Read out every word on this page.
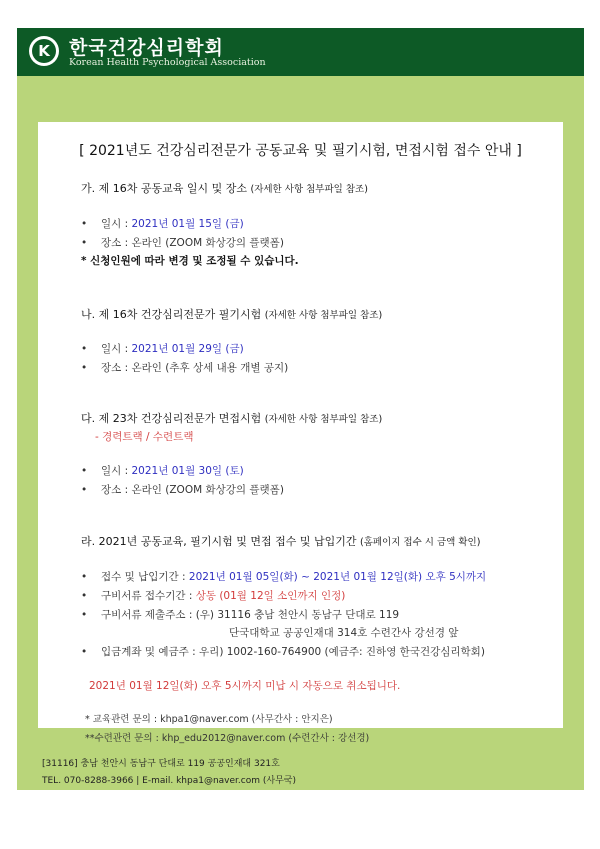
K	한국건강심리학회
Korean Health Psychological Association
[ 2021년도 건강심리전문가 공동교육 및 필기시험, 면접시험 접수 안내 ]
가. 제 16차 공동교육 일시 및 장소 (자세한 사항 첨부파일 참조)
• 일시 : 2021년 01월 15일 (금)
• 장소 : 온라인 (ZOOM 화상강의 플랫폼)
* 신청인원에 따라 변경 및 조정될 수 있습니다.
나. 제 16차 건강심리전문가 필기시험 (자세한 사항 첨부파일 참조)
• 일시 : 2021년 01월 29일 (금)
• 장소 : 온라인 (추후 상세 내용 개별 공지)
다. 제 23차 건강심리전문가 면접시험 (자세한 사항 첨부파일 참조)
- 경력트랙 / 수련트랙
• 일시 : 2021년 01월 30일 (토)
• 장소 : 온라인 (ZOOM 화상강의 플랫폼)
라. 2021년 공동교육, 필기시험 및 면접 접수 및 납입기간 (홈페이지 접수 시 금액 확인)
• 접수 및 납입기간 : 2021년 01월 05일(화) ~ 2021년 01월 12일(화) 오후 5시까지
• 구비서류 접수기간 : 상동 (01월 12일 소인까지 인정)
• 구비서류 제출주소 : (우) 31116 충남 천안시 동남구 단대로 119
단국대학교 공공인재대 314호 수련간사 강선경 앞
• 입금계좌 및 예금주 : 우리) 1002-160-764900 (예금주: 진하영 한국건강심리학회)
2021년 01월 12일(화) 오후 5시까지 미납 시 자동으로 취소됩니다.
* 교육관련 문의 : khpa1@naver.com (사무간사 : 안지은)
**수련관련 문의 : khp_edu2012@naver.com (수련간사 : 강선경)
[31116] 충남 천안시 동남구 단대로 119 공공인재대 321호
TEL. 070-8288-3966 | E-mail. khpa1@naver.com (사무국)
